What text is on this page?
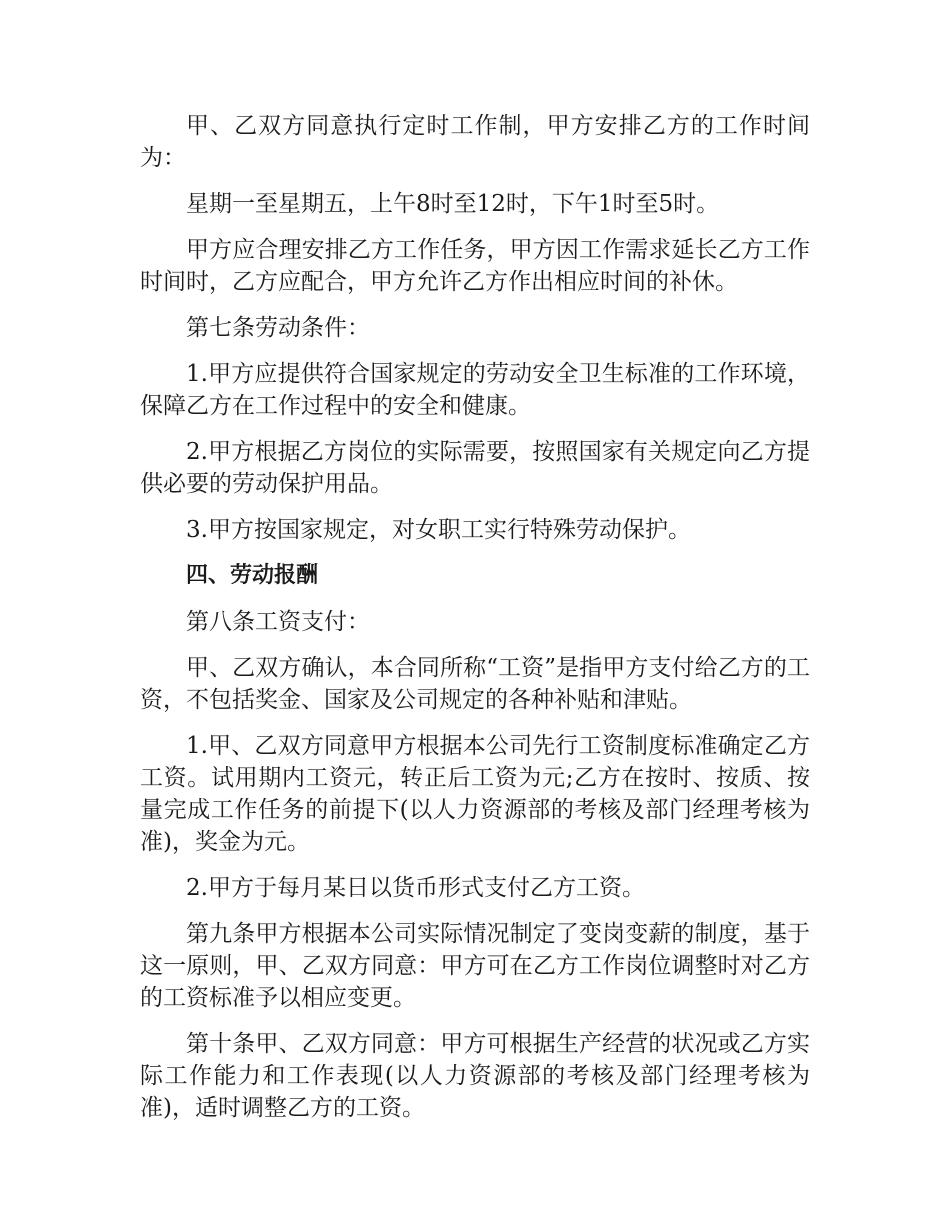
甲、乙双方同意执行定时工作制，甲方安排乙方的工作时间为：

星期一至星期五，上午8时至12时，下午1时至5时。

甲方应合理安排乙方工作任务，甲方因工作需求延长乙方工作时间时，乙方应配合，甲方允许乙方作出相应时间的补休。

第七条劳动条件：

1.甲方应提供符合国家规定的劳动安全卫生标准的工作环境，保障乙方在工作过程中的安全和健康。

2.甲方根据乙方岗位的实际需要，按照国家有关规定向乙方提供必要的劳动保护用品。

3.甲方按国家规定，对女职工实行特殊劳动保护。

四、劳动报酬

第八条工资支付：

甲、乙双方确认，本合同所称“工资”是指甲方支付给乙方的工资，不包括奖金、国家及公司规定的各种补贴和津贴。

1.甲、乙双方同意甲方根据本公司先行工资制度标准确定乙方工资。试用期内工资元，转正后工资为元;乙方在按时、按质、按量完成工作任务的前提下(以人力资源部的考核及部门经理考核为准)，奖金为元。

2.甲方于每月某日以货币形式支付乙方工资。

第九条甲方根据本公司实际情况制定了变岗变薪的制度，基于这一原则，甲、乙双方同意：甲方可在乙方工作岗位调整时对乙方的工资标准予以相应变更。

第十条甲、乙双方同意：甲方可根据生产经营的状况或乙方实际工作能力和工作表现(以人力资源部的考核及部门经理考核为准)，适时调整乙方的工资。
